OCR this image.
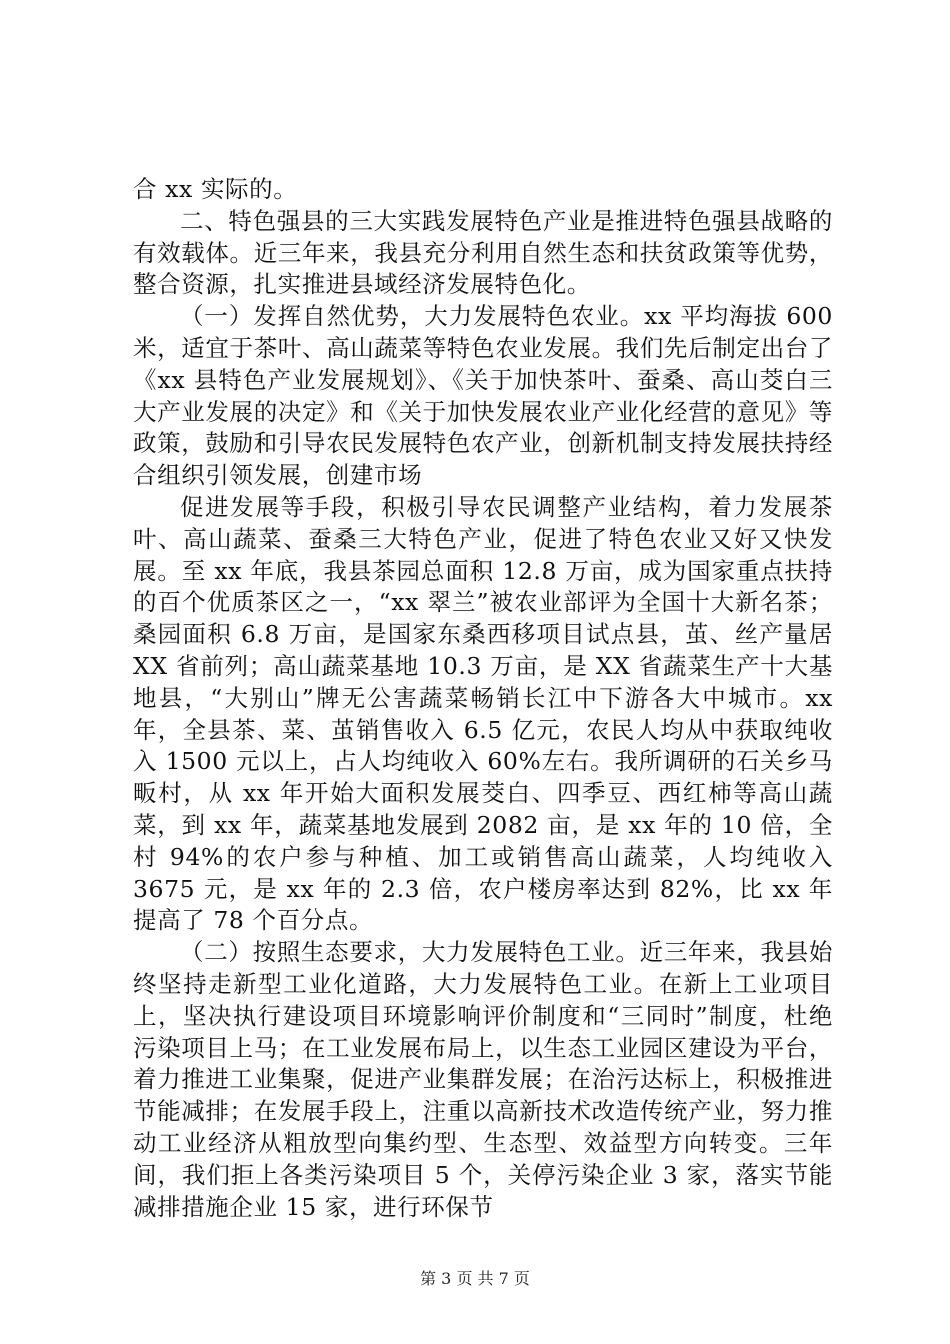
合 xx 实际的。

二、特色强县的三大实践发展特色产业是推进特色强县战略的有效载体。近三年来，我县充分利用自然生态和扶贫政策等优势，整合资源，扎实推进县域经济发展特色化。

（一）发挥自然优势，大力发展特色农业。xx 平均海拔 600 米，适宜于茶叶、高山蔬菜等特色农业发展。我们先后制定出台了《xx 县特色产业发展规划》、《关于加快茶叶、蚕桑、高山茭白三大产业发展的决定》和《关于加快发展农业产业化经营的意见》等政策，鼓励和引导农民发展特色农产业，创新机制支持发展扶持经合组织引领发展，创建市场

促进发展等手段，积极引导农民调整产业结构，着力发展茶叶、高山蔬菜、蚕桑三大特色产业，促进了特色农业又好又快发展。至 xx 年底，我县茶园总面积 12.8 万亩，成为国家重点扶持的百个优质茶区之一，“xx 翠兰”被农业部评为全国十大新名茶；桑园面积 6.8 万亩，是国家东桑西移项目试点县，茧、丝产量居 XX 省前列；高山蔬菜基地 10.3 万亩，是 XX 省蔬菜生产十大基地县，“大别山”牌无公害蔬菜畅销长江中下游各大中城市。xx 年，全县茶、菜、茧销售收入 6.5 亿元，农民人均从中获取纯收入 1500 元以上，占人均纯收入 60%左右。我所调研的石关乡马畈村，从 xx 年开始大面积发展茭白、四季豆、西红柿等高山蔬菜，到 xx 年，蔬菜基地发展到 2082 亩，是 xx 年的 10 倍，全村 94%的农户参与种植、加工或销售高山蔬菜，人均纯收入 3675 元，是 xx 年的 2.3 倍，农户楼房率达到 82%，比 xx 年提高了 78 个百分点。

（二）按照生态要求，大力发展特色工业。近三年来，我县始终坚持走新型工业化道路，大力发展特色工业。在新上工业项目上，坚决执行建设项目环境影响评价制度和“三同时”制度，杜绝污染项目上马；在工业发展布局上，以生态工业园区建设为平台，着力推进工业集聚，促进产业集群发展；在治污达标上，积极推进节能减排；在发展手段上，注重以高新技术改造传统产业，努力推动工业经济从粗放型向集约型、生态型、效益型方向转变。三年间，我们拒上各类污染项目 5 个，关停污染企业 3 家，落实节能减排措施企业 15 家，进行环保节

第 3 页 共 7 页
